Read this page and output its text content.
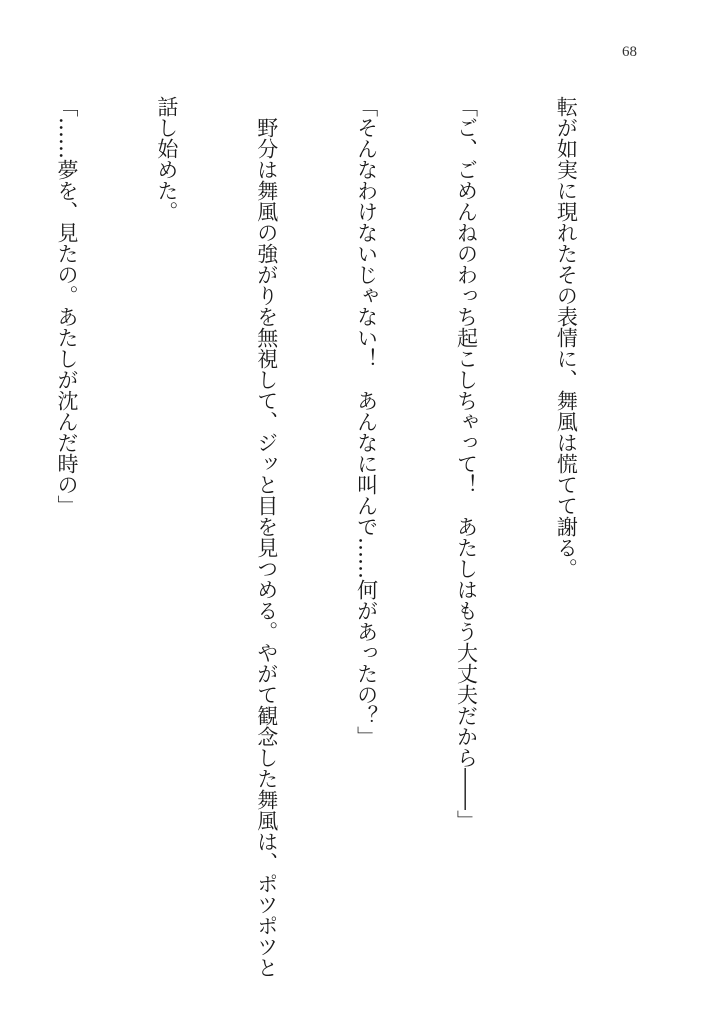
68

転が如実に現れたその表情に、舞風は慌てて謝る。

「ご、ごめんねのわっち起こしちゃって！　あたしはもう大丈夫だから――」

「そんなわけないじゃない！　あんなに叫んで……何があったの？」

　野分は舞風の強がりを無視して、ジッと目を見つめる。やがて観念した舞風は、ポツポツと

話し始めた。

「……夢を、見たの。あたしが沈んだ時の」
